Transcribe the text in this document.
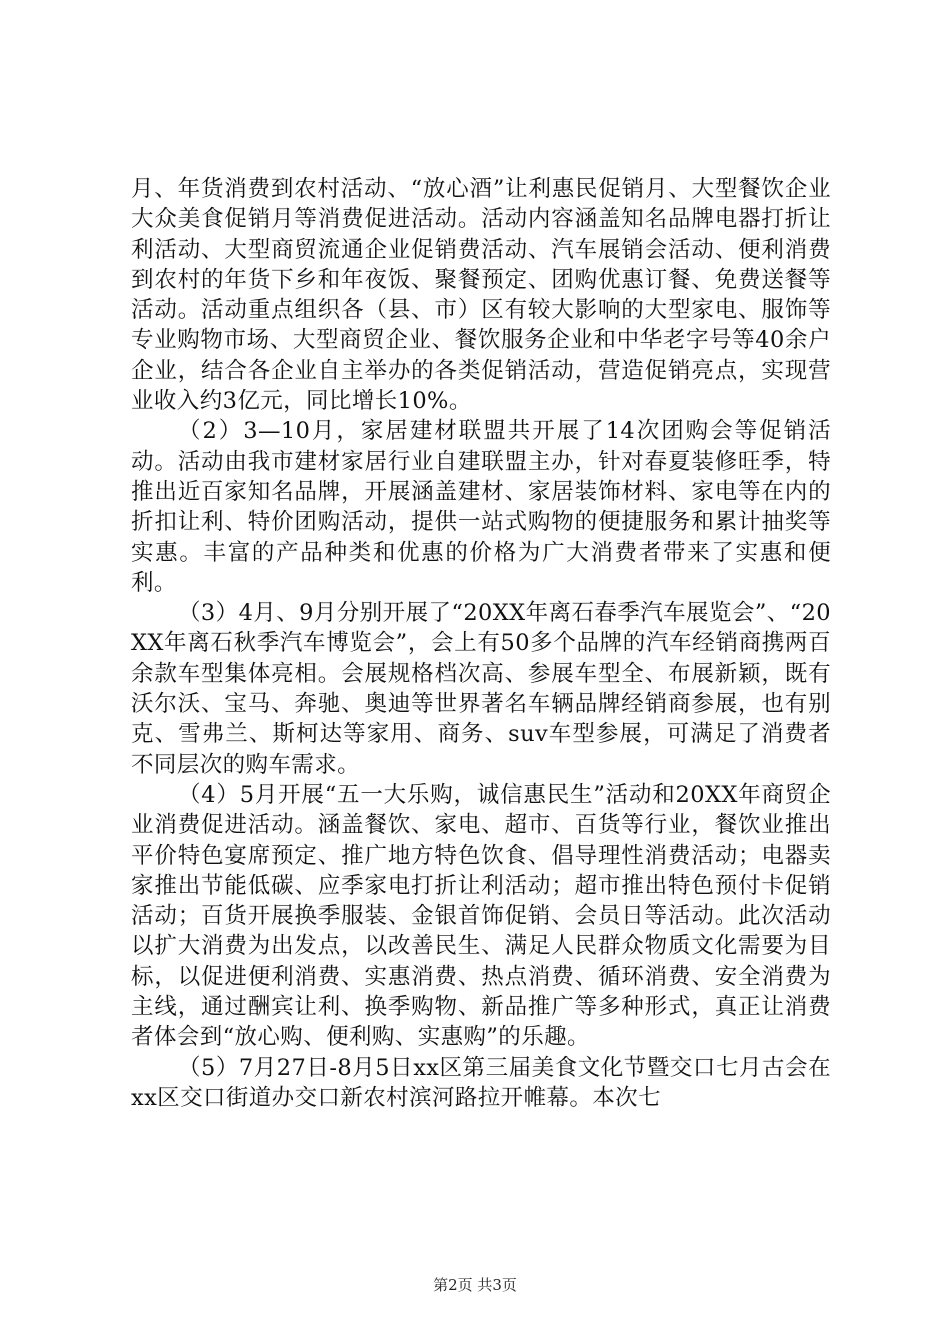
月、年货消费到农村活动、“放心酒”让利惠民促销月、大型餐饮企业大众美食促销月等消费促进活动。活动内容涵盖知名品牌电器打折让利活动、大型商贸流通企业促销费活动、汽车展销会活动、便利消费到农村的年货下乡和年夜饭、聚餐预定、团购优惠订餐、免费送餐等活动。活动重点组织各（县、市）区有较大影响的大型家电、服饰等专业购物市场、大型商贸企业、餐饮服务企业和中华老字号等40余户企业，结合各企业自主举办的各类促销活动，营造促销亮点，实现营业收入约3亿元，同比增长10%。

（2）3—10月，家居建材联盟共开展了14次团购会等促销活动。活动由我市建材家居行业自建联盟主办，针对春夏装修旺季，特推出近百家知名品牌，开展涵盖建材、家居装饰材料、家电等在内的折扣让利、特价团购活动，提供一站式购物的便捷服务和累计抽奖等实惠。丰富的产品种类和优惠的价格为广大消费者带来了实惠和便利。

（3）4月、9月分别开展了“20XX年离石春季汽车展览会”、“20XX年离石秋季汽车博览会”，会上有50多个品牌的汽车经销商携两百余款车型集体亮相。会展规格档次高、参展车型全、布展新颖，既有沃尔沃、宝马、奔驰、奥迪等世界著名车辆品牌经销商参展，也有别克、雪弗兰、斯柯达等家用、商务、suv车型参展，可满足了消费者不同层次的购车需求。

（4）5月开展“五一大乐购，诚信惠民生”活动和20XX年商贸企业消费促进活动。涵盖餐饮、家电、超市、百货等行业，餐饮业推出平价特色宴席预定、推广地方特色饮食、倡导理性消费活动；电器卖家推出节能低碳、应季家电打折让利活动；超市推出特色预付卡促销活动；百货开展换季服装、金银首饰促销、会员日等活动。此次活动以扩大消费为出发点，以改善民生、满足人民群众物质文化需要为目标，以促进便利消费、实惠消费、热点消费、循环消费、安全消费为主线，通过酬宾让利、换季购物、新品推广等多种形式，真正让消费者体会到“放心购、便利购、实惠购”的乐趣。

（5）7月27日-8月5日xx区第三届美食文化节暨交口七月古会在xx区交口街道办交口新农村滨河路拉开帷幕。本次七

第2页 共3页
